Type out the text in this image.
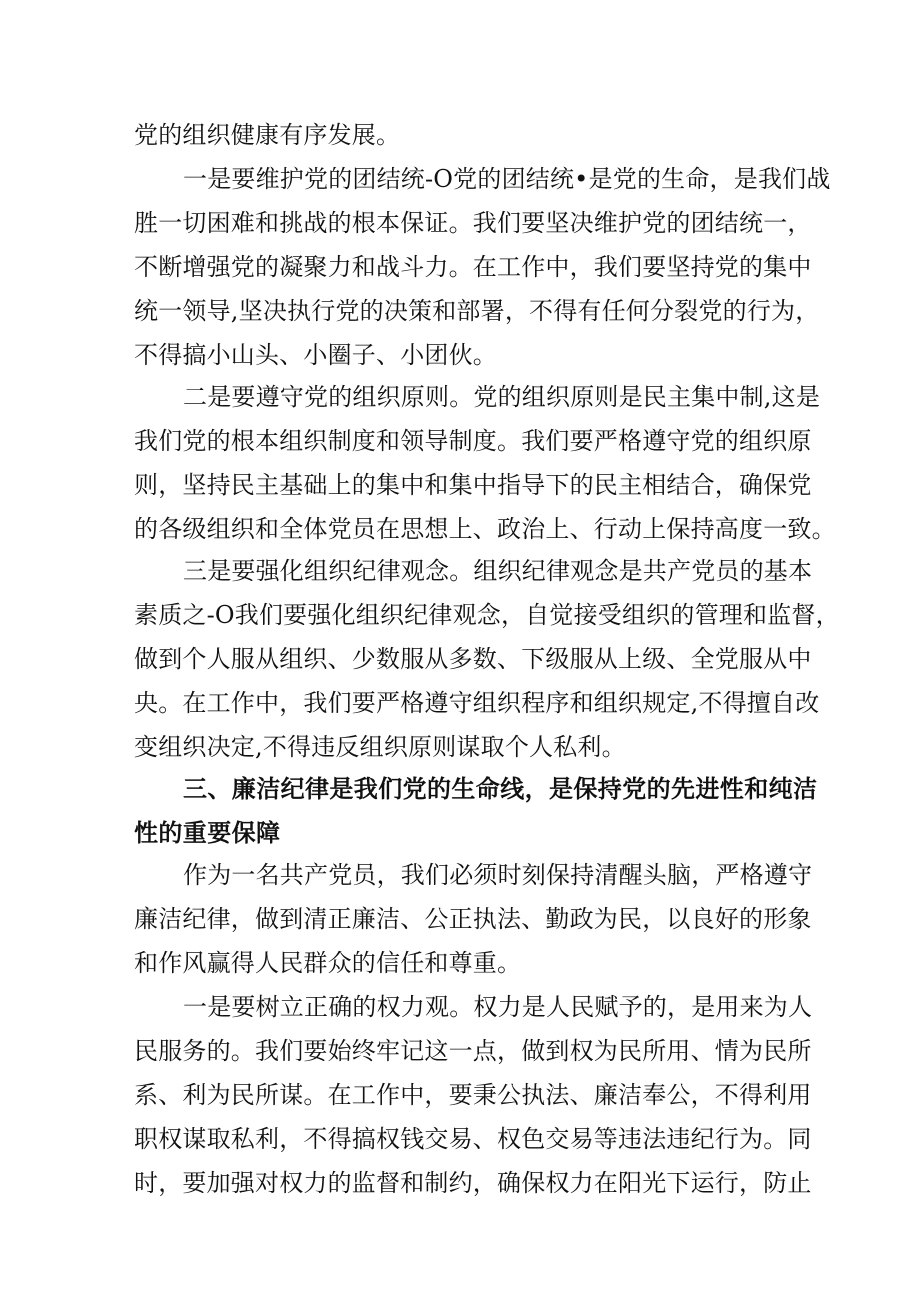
党的组织健康有序发展。
一是要维护党的团结统-O党的团结统•是党的生命，是我们战
胜一切困难和挑战的根本保证。我们要坚决维护党的团结统一，
不断增强党的凝聚力和战斗力。在工作中，我们要坚持党的集中
统一领导,坚决执行党的决策和部署，不得有任何分裂党的行为，
不得搞小山头、小圈子、小团伙。
二是要遵守党的组织原则。党的组织原则是民主集中制,这是
我们党的根本组织制度和领导制度。我们要严格遵守党的组织原
则，坚持民主基础上的集中和集中指导下的民主相结合，确保党
的各级组织和全体党员在思想上、政治上、行动上保持高度一致。
三是要强化组织纪律观念。组织纪律观念是共产党员的基本
素质之-O我们要强化组织纪律观念，自觉接受组织的管理和监督，
做到个人服从组织、少数服从多数、下级服从上级、全党服从中
央。在工作中，我们要严格遵守组织程序和组织规定,不得擅自改
变组织决定,不得违反组织原则谋取个人私利。
三、廉洁纪律是我们党的生命线，是保持党的先进性和纯洁
性的重要保障
作为一名共产党员，我们必须时刻保持清醒头脑，严格遵守
廉洁纪律，做到清正廉洁、公正执法、勤政为民，以良好的形象
和作风赢得人民群众的信任和尊重。
一是要树立正确的权力观。权力是人民赋予的，是用来为人
民服务的。我们要始终牢记这一点，做到权为民所用、情为民所
系、利为民所谋。在工作中，要秉公执法、廉洁奉公，不得利用
职权谋取私利，不得搞权钱交易、权色交易等违法违纪行为。同
时，要加强对权力的监督和制约，确保权力在阳光下运行，防止
